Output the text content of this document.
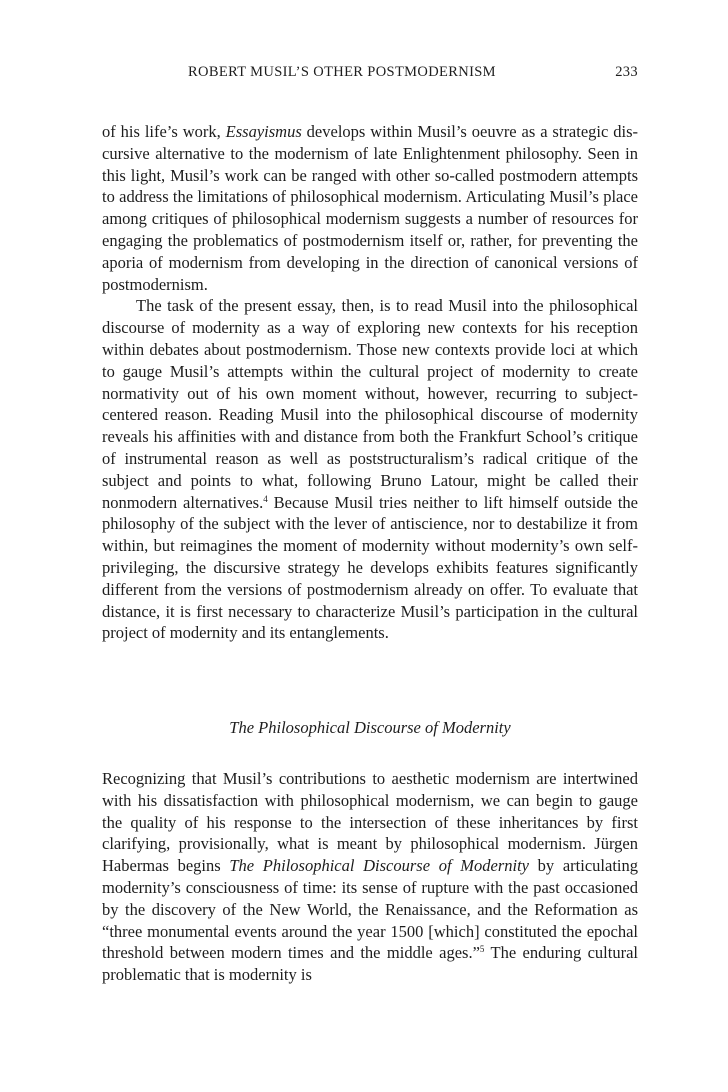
ROBERT MUSIL’S OTHER POSTMODERNISM	233

of his life’s work, Essayismus develops within Musil’s oeuvre as a strategic discursive alternative to the modernism of late Enlightenment philosophy. Seen in this light, Musil’s work can be ranged with other so-called postmodern attempts to address the limitations of philosophical modernism. Articulating Musil’s place among critiques of philosophical modernism suggests a number of resources for engaging the problematics of postmodernism itself or, rather, for preventing the aporia of modernism from developing in the direction of canonical versions of postmodernism.

The task of the present essay, then, is to read Musil into the philosophical discourse of modernity as a way of exploring new contexts for his reception within debates about postmodernism. Those new contexts provide loci at which to gauge Musil’s attempts within the cultural project of modernity to create normativity out of his own moment without, however, recurring to subject-centered reason. Reading Musil into the philosophical discourse of modernity reveals his affinities with and distance from both the Frankfurt School’s critique of instrumental reason as well as poststructuralism’s radical critique of the subject and points to what, following Bruno Latour, might be called their nonmodern alternatives.$^4$ Because Musil tries neither to lift himself outside the philosophy of the subject with the lever of antiscience, nor to destabilize it from within, but reimagines the moment of modernity without modernity’s own self-privileging, the discursive strategy he develops exhibits features significantly different from the versions of postmodernism already on offer. To evaluate that distance, it is first necessary to characterize Musil’s participation in the cultural project of modernity and its entanglements.

The Philosophical Discourse of Modernity

Recognizing that Musil’s contributions to aesthetic modernism are intertwined with his dissatisfaction with philosophical modernism, we can begin to gauge the quality of his response to the intersection of these inheritances by first clarifying, provisionally, what is meant by philosophical modernism. Jürgen Habermas begins The Philosophical Discourse of Modernity by articulating modernity’s consciousness of time: its sense of rupture with the past occasioned by the discovery of the New World, the Renaissance, and the Reformation as “three monumental events around the year 1500 [which] constituted the epochal threshold between modern times and the middle ages.”$^5$ The enduring cultural problematic that is modernity is
